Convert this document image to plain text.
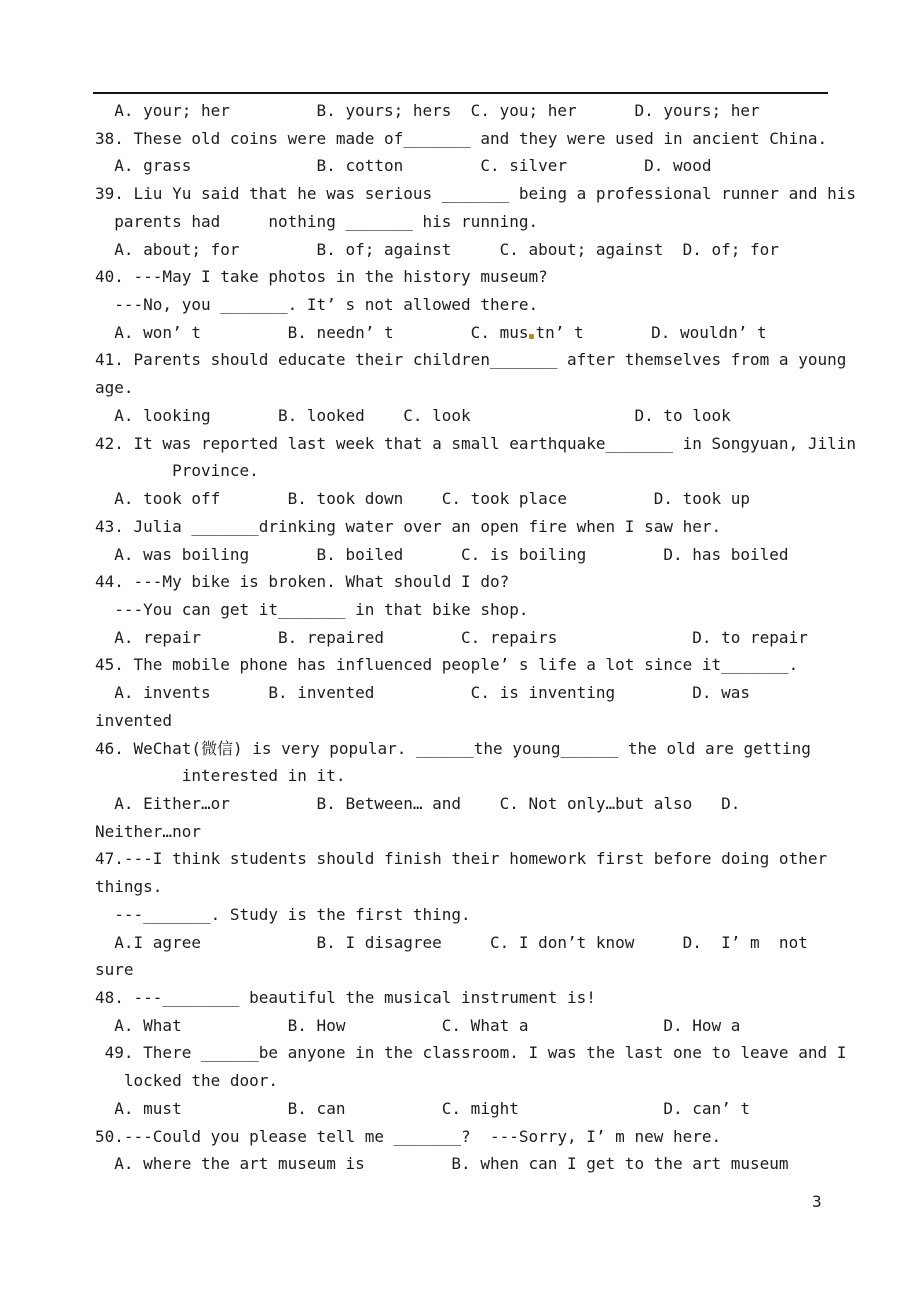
A. your; her         B. yours; hers  C. you; her      D. yours; her
38. These old coins were made of_______ and they were used in ancient China.
A. grass             B. cotton        C. silver        D. wood
39. Liu Yu said that he was serious _______ being a professional runner and his
parents had     nothing _______ his running.
A. about; for        B. of; against     C. about; against  D. of; for
40. ---May I take photos in the history museum?
---No, you _______. It’ s not allowed there.
A. won’ t         B. needn’ t        C. mus tn’ t       D. wouldn’ t
41. Parents should educate their children_______ after themselves from a young
age.
A. looking       B. looked    C. look                 D. to look
42. It was reported last week that a small earthquake_______ in Songyuan, Jilin
Province.
A. took off       B. took down    C. took place         D. took up
43. Julia _______drinking water over an open fire when I saw her.
A. was boiling       B. boiled      C. is boiling        D. has boiled
44. ---My bike is broken. What should I do?
---You can get it_______ in that bike shop.
A. repair        B. repaired        C. repairs              D. to repair
45. The mobile phone has influenced people’ s life a lot since it_______.
A. invents      B. invented          C. is inventing        D. was
invented
46. WeChat(微信) is very popular. ______the young______ the old are getting
interested in it.
A. Either…or         B. Between… and    C. Not only…but also   D.
Neither…nor
47.---I think students should finish their homework first before doing other
things.
---_______. Study is the first thing.
A.I agree            B. I disagree     C. I don’t know     D.  I’ m  not
sure
48. ---________ beautiful the musical instrument is!
A. What           B. How          C. What a              D. How a
49. There ______be anyone in the classroom. I was the last one to leave and I
locked the door.
A. must           B. can          C. might               D. can’ t
50.---Could you please tell me _______?  ---Sorry, I’ m new here.
A. where the art museum is         B. when can I get to the art museum
3
